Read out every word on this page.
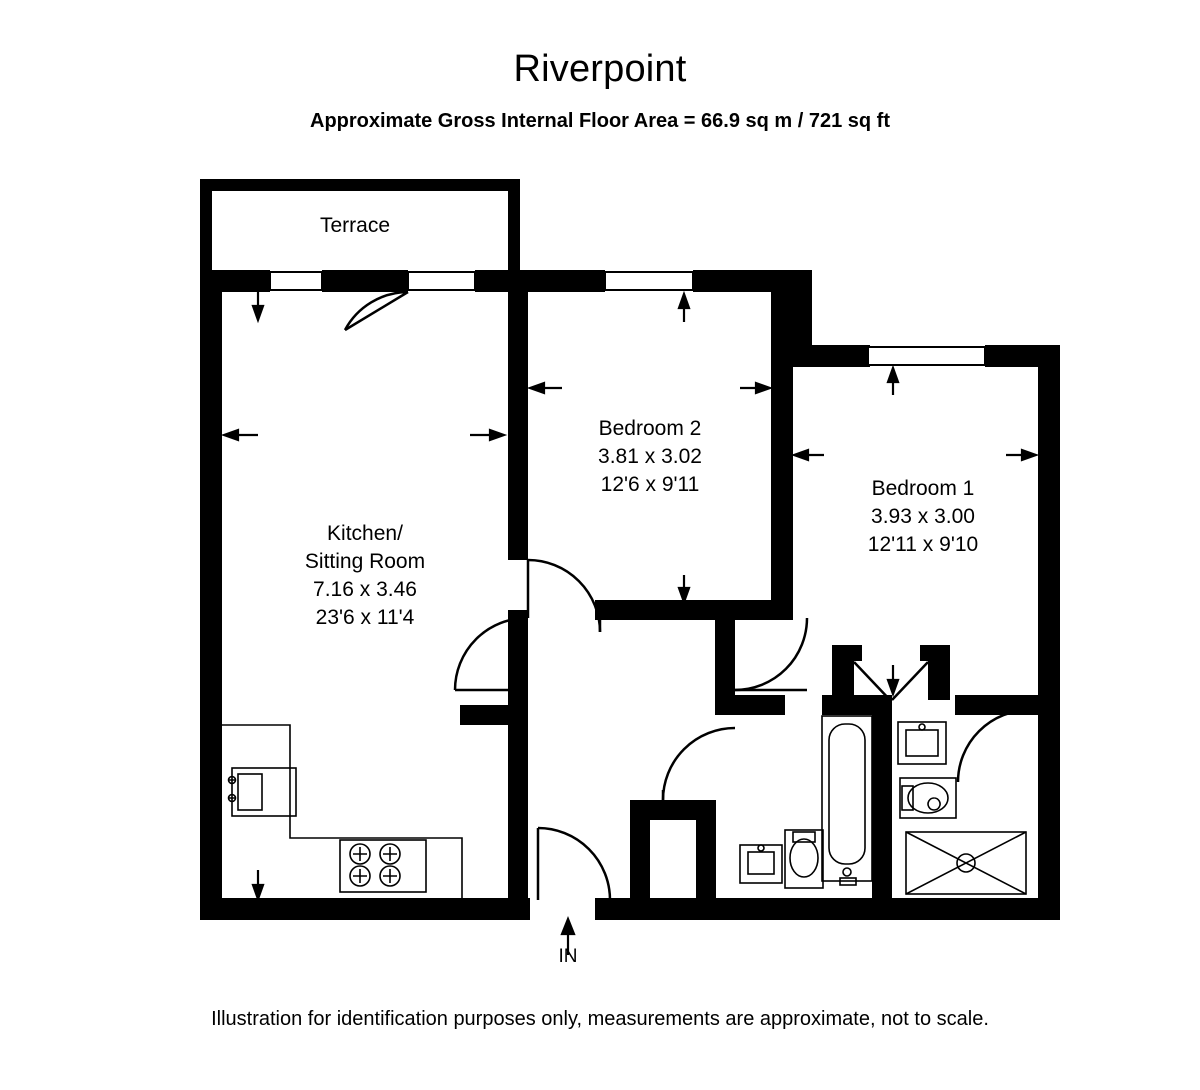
Riverpoint
Approximate Gross Internal Floor Area = 66.9 sq m / 721 sq ft
Terrace
Kitchen/
Sitting Room
7.16 x 3.46
23'6 x 11'4
Bedroom 2
3.81 x 3.02
12'6 x 9'11	Bedroom 1
3.93 x 3.00
12'11 x 9'10
IN
Illustration for identification purposes only, measurements are approximate, not to scale.
